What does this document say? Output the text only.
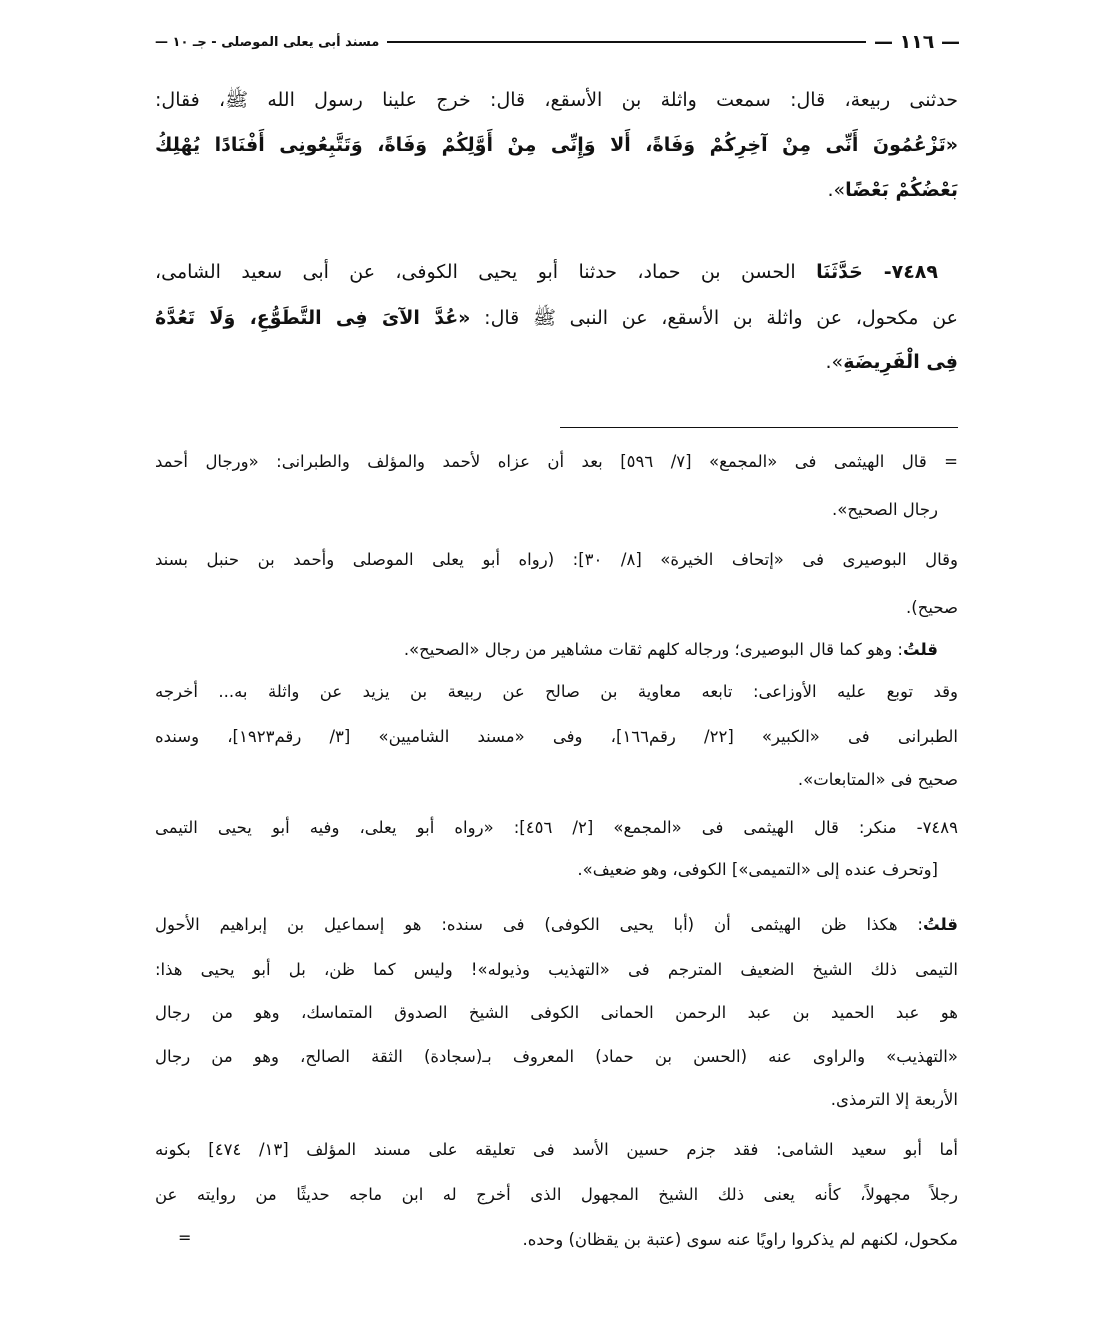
— ١١٦ —
مسند أبى يعلى الموصلى - جـ ١٠ —
حدثنى ربيعة، قال: سمعت واثلة بن الأسقع، قال: خرج علينا رسول الله ﷺ، فقال:
«تَزْعُمُونَ أَنِّى مِنْ آخِرِكُمْ وَفَاةً، أَلا وَإِنِّى مِنْ أَوَّلِكُمْ وَفَاةً، وَتَتَّبِعُونِى أَفْنَادًا يُهْلِكُ
بَعْضُكُمْ بَعْضًا».
٧٤٨٩- حَدَّثَنَا الحسن بن حماد، حدثنا أبو يحيى الكوفى، عن أبى سعيد الشامى،
عن مكحول، عن واثلة بن الأسقع، عن النبى ﷺ قال: «عُدَّ الآىَ فِى التَّطَوُّعِ، وَلَا تَعُدَّهُ
فِى الْفَرِيضَةِ».
= قال الهيثمى فى «المجمع» [٧/ ٥٩٦] بعد أن عزاه لأحمد والمؤلف والطبرانى: «ورجال أحمد
رجال الصحيح».
وقال البوصيرى فى «إتحاف الخيرة» [٨/ ٣٠]: (رواه أبو يعلى الموصلى وأحمد بن حنبل بسند
صحيح).
قلتُ: وهو كما قال البوصيرى؛ ورجاله كلهم ثقات مشاهير من رجال «الصحيح».
وقد توبع عليه الأوزاعى: تابعه معاوية بن صالح عن ربيعة بن يزيد عن واثلة به... أخرجه
الطبرانى فى «الكبير» [٢٢/ رقم١٦٦]، وفى «مسند الشاميين» [٣/ رقم١٩٢٣]، وسنده
صحيح فى «المتابعات».
٧٤٨٩- منكر: قال الهيثمى فى «المجمع» [٢/ ٤٥٦]: «رواه أبو يعلى، وفيه أبو يحيى التيمى
[وتحرف عنده إلى «التميمى»] الكوفى، وهو ضعيف».
قلتُ: هكذا ظن الهيثمى أن (أبا يحيى الكوفى) فى سنده: هو إسماعيل بن إبراهيم الأحول
التيمى ذلك الشيخ الضعيف المترجم فى «التهذيب وذيوله»! وليس كما ظن، بل أبو يحيى هذا:
هو عبد الحميد بن عبد الرحمن الحمانى الكوفى الشيخ الصدوق المتماسك، وهو من رجال
«التهذيب» والراوى عنه (الحسن بن حماد) المعروف بـ(سجادة) الثقة الصالح، وهو من رجال
الأربعة إلا الترمذى.
أما أبو سعيد الشامى: فقد جزم حسين الأسد فى تعليقه على مسند المؤلف [١٣/ ٤٧٤] بكونه
رجلاً مجهولاً، كأنه يعنى ذلك الشيخ المجهول الذى أخرج له ابن ماجه حديثًا من روايته عن
مكحول، لكنهم لم يذكروا راويًا عنه سوى (عتبة بن يقظان) وحده.
=
